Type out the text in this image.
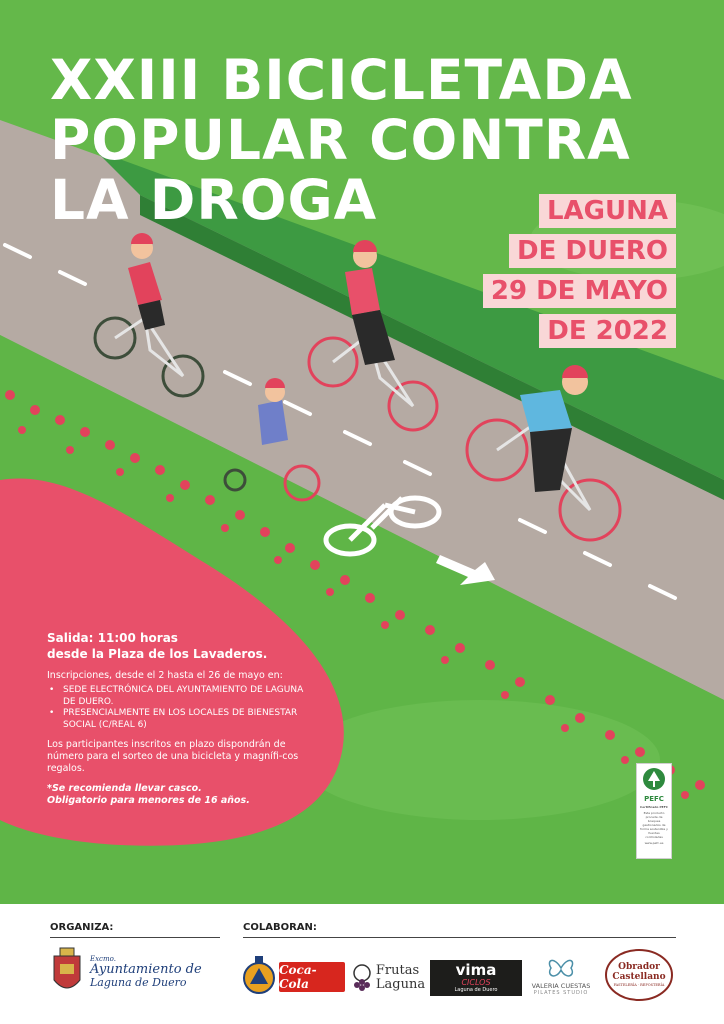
XXIII BICICLETADA
POPULAR CONTRA
LA DROGA	LAGUNA
DE DUERO
29 DE MAYO
DE 2022
Salida: 11:00 horas
desde la Plaza de los Lavaderos.
Inscripciones, desde el 2 hasta el 26 de mayo en:
• SEDE ELECTRÓNICA DEL AYUNTAMIENTO DE LAGUNA DE DUERO.
• PRESENCIALMENTE EN LOS LOCALES DE BIENESTAR SOCIAL (C/REAL 6)
Los participantes inscritos en plazo dispondrán de número para el sorteo de una bicicleta y magnífi-cos regalos.
*Se recomienda llevar casco.
Obligatorio para menores de 16 años.	PEFC
Certificado PEFC
Este producto procede de bosques gestionados de forma sostenible y fuentes controladas
www.pefc.es
ORGANIZA:	COLABORAN:
Excmo.
Ayuntamiento de
Laguna de Duero
Coca-Cola
Frutas
Laguna
vima
CICLOS
Laguna de Duero	VALERIA CUESTAS
PILATES STUDIO
Obrador
Castellano
PASTELERÍA · REPOSTERÍA
